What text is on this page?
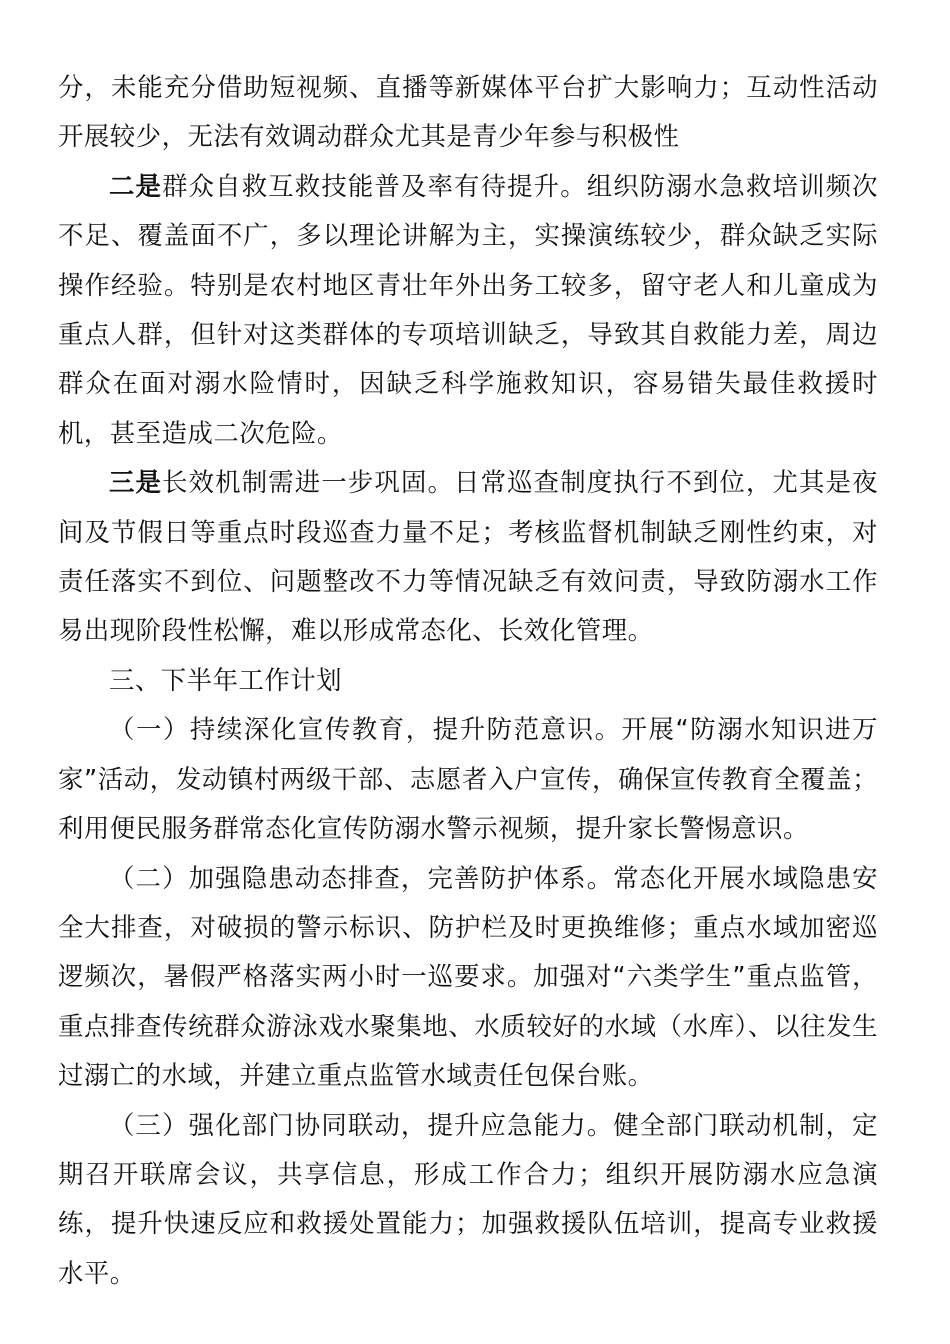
分，未能充分借助短视频、直播等新媒体平台扩大影响力；互动性活动开展较少，无法有效调动群众尤其是青少年参与积极性

二是群众自救互救技能普及率有待提升。组织防溺水急救培训频次不足、覆盖面不广，多以理论讲解为主，实操演练较少，群众缺乏实际操作经验。特别是农村地区青壮年外出务工较多，留守老人和儿童成为重点人群，但针对这类群体的专项培训缺乏，导致其自救能力差，周边群众在面对溺水险情时，因缺乏科学施救知识，容易错失最佳救援时机，甚至造成二次危险。

三是长效机制需进一步巩固。日常巡查制度执行不到位，尤其是夜间及节假日等重点时段巡查力量不足；考核监督机制缺乏刚性约束，对责任落实不到位、问题整改不力等情况缺乏有效问责，导致防溺水工作易出现阶段性松懈，难以形成常态化、长效化管理。

三、下半年工作计划

（一）持续深化宣传教育，提升防范意识。开展“防溺水知识进万家”活动，发动镇村两级干部、志愿者入户宣传，确保宣传教育全覆盖；利用便民服务群常态化宣传防溺水警示视频，提升家长警惕意识。

（二）加强隐患动态排查，完善防护体系。常态化开展水域隐患安全大排查，对破损的警示标识、防护栏及时更换维修；重点水域加密巡逻频次，暑假严格落实两小时一巡要求。加强对“六类学生”重点监管，重点排查传统群众游泳戏水聚集地、水质较好的水域（水库）、以往发生过溺亡的水域，并建立重点监管水域责任包保台账。

（三）强化部门协同联动，提升应急能力。健全部门联动机制，定期召开联席会议，共享信息，形成工作合力；组织开展防溺水应急演练，提升快速反应和救援处置能力；加强救援队伍培训，提高专业救援水平。
